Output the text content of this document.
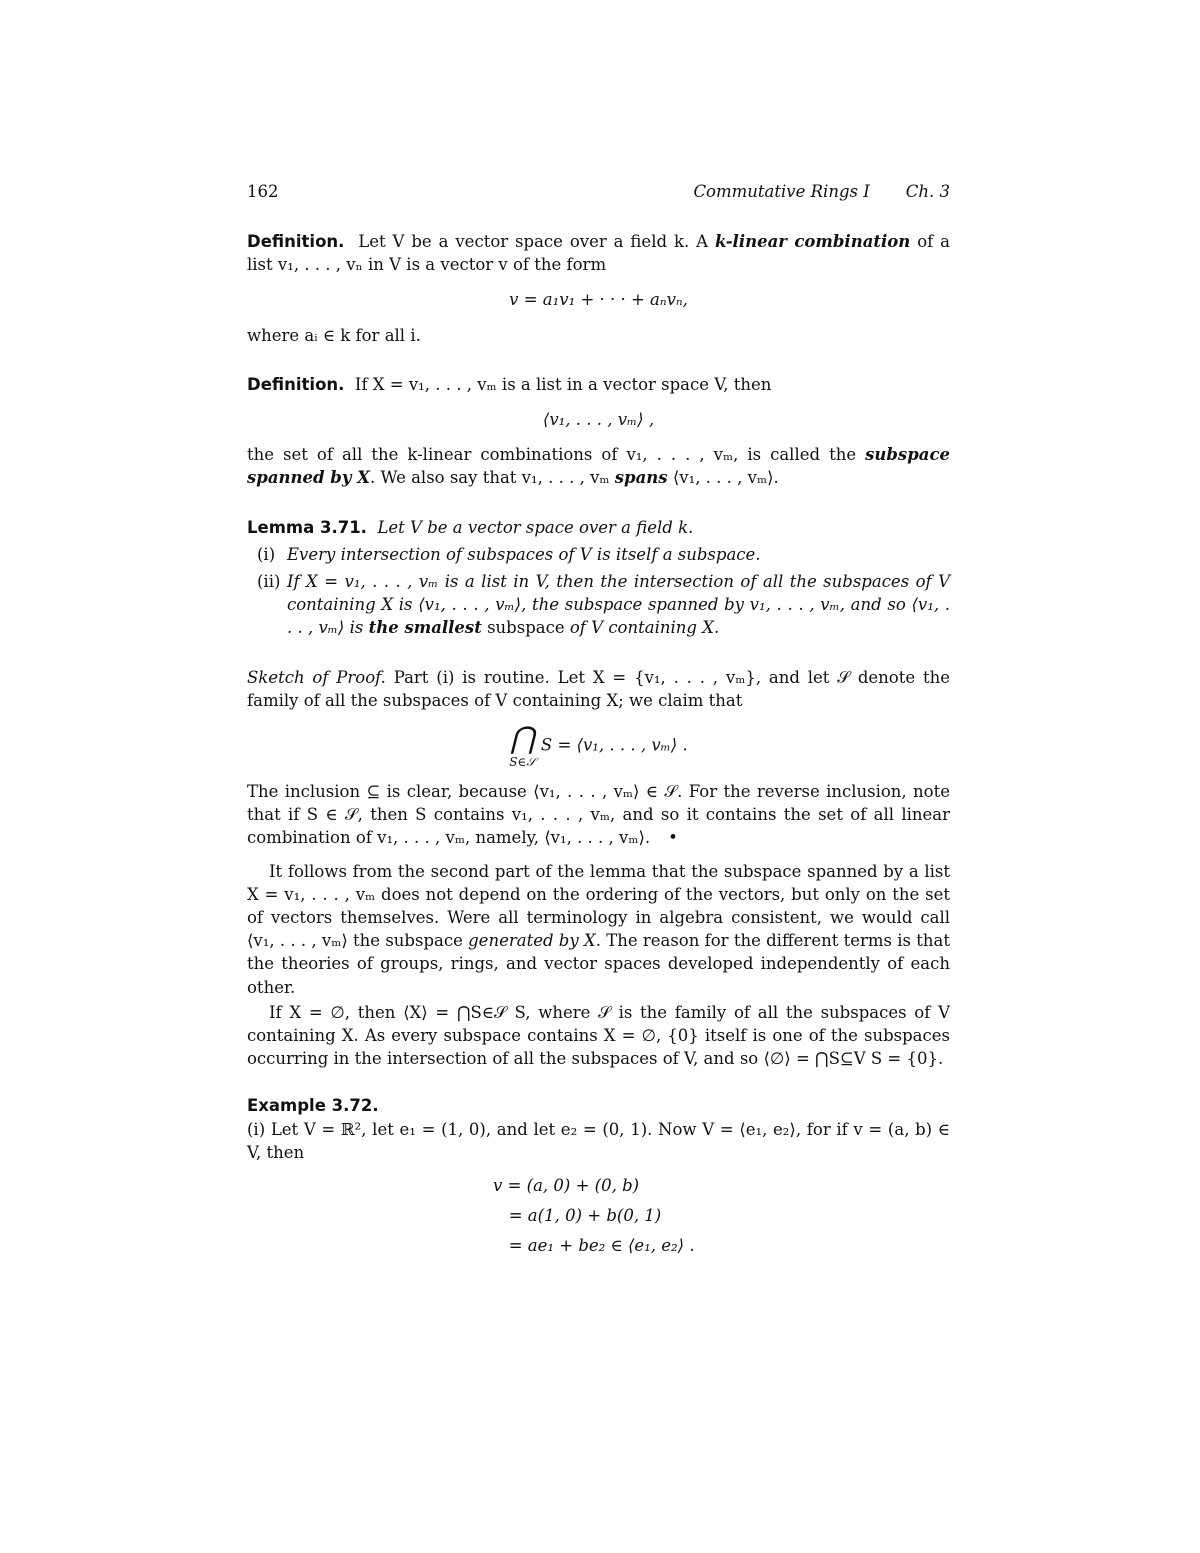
162	Commutative Rings I Ch. 3

Definition. Let V be a vector space over a field k. A k-linear combination of a list v₁, . . . , vₙ in V is a vector v of the form

v = a₁v₁ + · · · + aₙvₙ,

where aᵢ ∈ k for all i.

Definition. If X = v₁, . . . , vₘ is a list in a vector space V, then

⟨v₁, . . . , vₘ⟩ ,

the set of all the k-linear combinations of v₁, . . . , vₘ, is called the subspace spanned by X. We also say that v₁, . . . , vₘ spans ⟨v₁, . . . , vₘ⟩.

Lemma 3.71. Let V be a vector space over a field k.

(i) Every intersection of subspaces of V is itself a subspace.
(ii) If X = v₁, . . . , vₘ is a list in V, then the intersection of all the subspaces of V containing X is ⟨v₁, . . . , vₘ⟩, the subspace spanned by v₁, . . . , vₘ, and so ⟨v₁, . . . , vₘ⟩ is the smallest subspace of V containing X.

Sketch of Proof. Part (i) is routine. Let X = {v₁, . . . , vₘ}, and let 𝒮 denote the family of all the subspaces of V containing X; we claim that

⋂
S∈𝒮
S = ⟨v₁, . . . , vₘ⟩ .

The inclusion ⊆ is clear, because ⟨v₁, . . . , vₘ⟩ ∈ 𝒮. For the reverse inclusion, note that if S ∈ 𝒮, then S contains v₁, . . . , vₘ, and so it contains the set of all linear combination of v₁, . . . , vₘ, namely, ⟨v₁, . . . , vₘ⟩. •

It follows from the second part of the lemma that the subspace spanned by a list X = v₁, . . . , vₘ does not depend on the ordering of the vectors, but only on the set of vectors themselves. Were all terminology in algebra consistent, we would call ⟨v₁, . . . , vₘ⟩ the subspace generated by X. The reason for the different terms is that the theories of groups, rings, and vector spaces developed independently of each other.

If X = ∅, then ⟨X⟩ = ⋂S∈𝒮 S, where 𝒮 is the family of all the subspaces of V containing X. As every subspace contains X = ∅, {0} itself is one of the subspaces occurring in the intersection of all the subspaces of V, and so ⟨∅⟩ = ⋂S⊆V S = {0}.

Example 3.72.

(i) Let V = ℝ², let e₁ = (1, 0), and let e₂ = (0, 1). Now V = ⟨e₁, e₂⟩, for if v = (a, b) ∈ V, then

v = (a, 0) + (0, b)
= a(1, 0) + b(0, 1)
= ae₁ + be₂ ∈ ⟨e₁, e₂⟩ .
